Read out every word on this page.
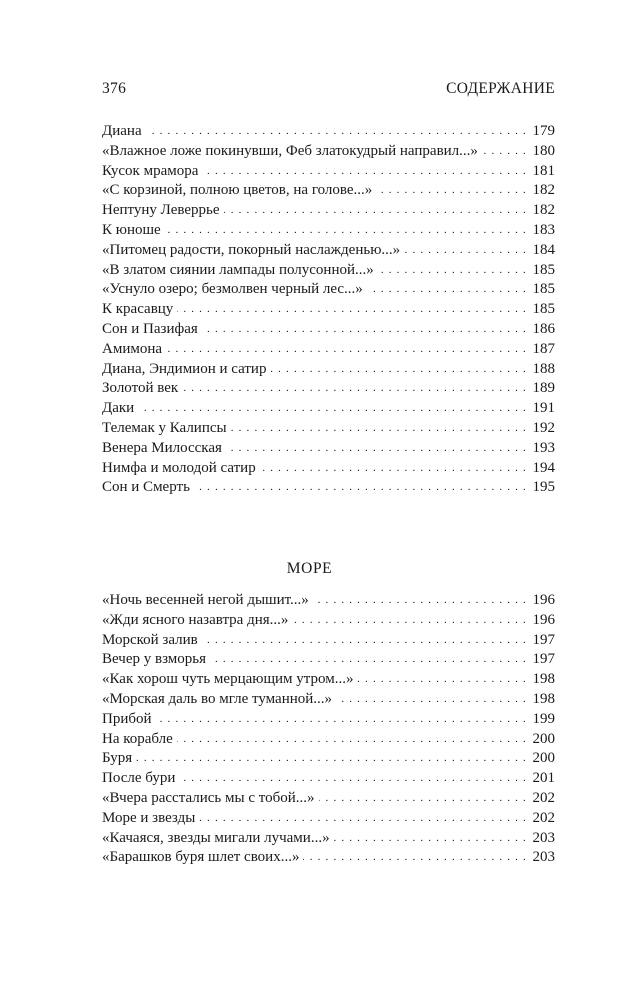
376	СОДЕРЖАНИЕ
Диана . . .	179
«Влажное ложе покинувши, Феб златокудрый направил...» . . .	180
Кусок мрамора . . .	181
«С корзиной, полною цветов, на голове...» . . .	182
Нептуну Леверрье . . .	182
К юноше . . .	183
«Питомец радости, покорный наслажденью...» . . .	184
«В златом сиянии лампады полусонной...» . . .	185
«Уснуло озеро; безмолвен черный лес...» . . .	185
К красавцу . . .	185
Сон и Пазифая . . .	186
Амимона . . .	187
Диана, Эндимион и сатир . . .	188
Золотой век . . .	189
Даки . . .	191
Телемак у Калипсы . . .	192
Венера Милосская . . .	193
Нимфа и молодой сатир . . .	194
Сон и Смерть . . .	195
МОРЕ
«Ночь весенней негой дышит...» . . .	196
«Жди ясного назавтра дня...» . . .	196
Морской залив . . .	197
Вечер у взморья . . .	197
«Как хорош чуть мерцающим утром...» . . .	198
«Морская даль во мгле туманной...» . . .	198
Прибой . . .	199
На корабле . . .	200
Буря . . .	200
После бури . . .	201
«Вчера расстались мы с тобой...» . . .	202
Море и звезды . . .	202
«Качаяся, звезды мигали лучами...» . . .	203
«Барашков буря шлет своих...» . . .	203
